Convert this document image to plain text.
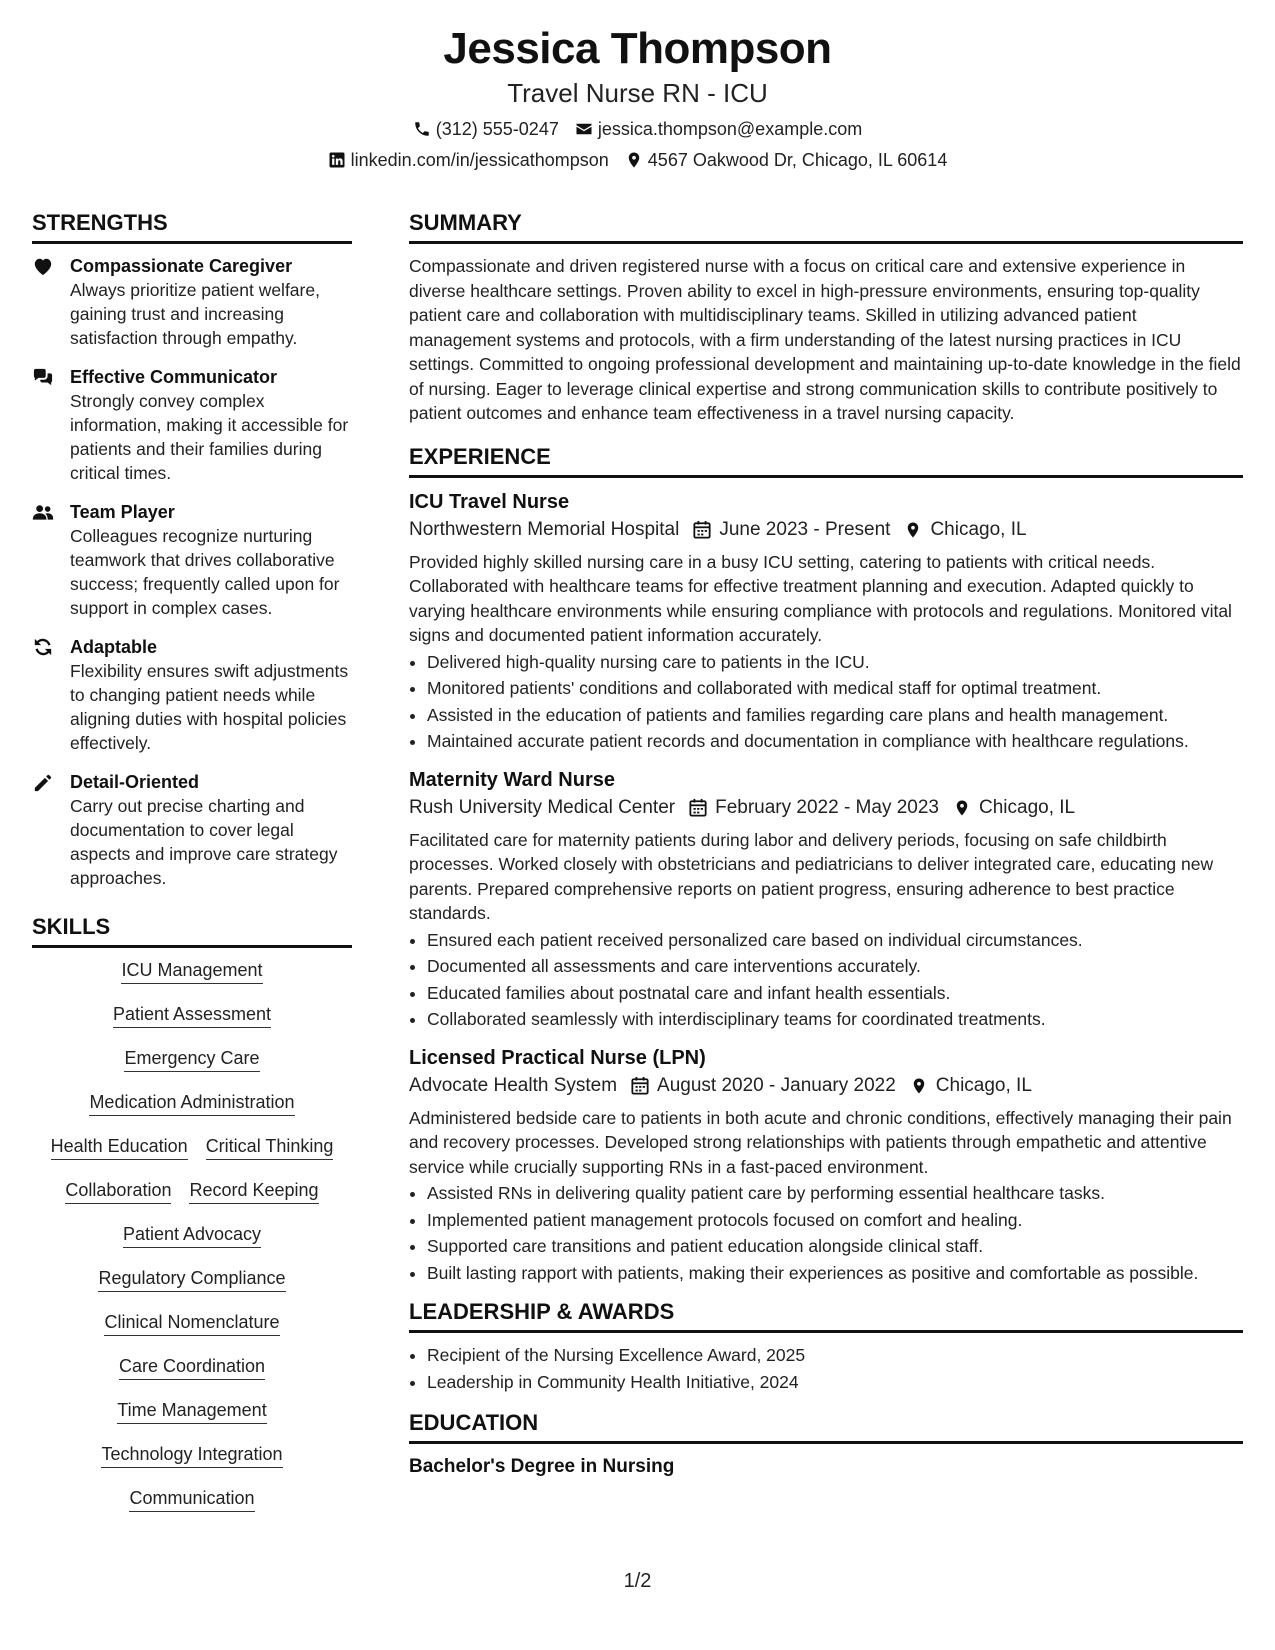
Jessica Thompson
Travel Nurse RN - ICU
(312) 555-0247 jessica.thompson@example.com
linkedin.com/in/jessicathompson 4567 Oakwood Dr, Chicago, IL 60614
STRENGTHS
Compassionate Caregiver
Always prioritize patient welfare, gaining trust and increasing satisfaction through empathy.
Effective Communicator
Strongly convey complex information, making it accessible for patients and their families during critical times.
Team Player
Colleagues recognize nurturing teamwork that drives collaborative success; frequently called upon for support in complex cases.
Adaptable
Flexibility ensures swift adjustments to changing patient needs while aligning duties with hospital policies effectively.
Detail-Oriented
Carry out precise charting and documentation to cover legal aspects and improve care strategy approaches.
SKILLS
ICU Management
Patient Assessment
Emergency Care
Medication Administration
Health Education Critical Thinking
Collaboration Record Keeping
Patient Advocacy
Regulatory Compliance
Clinical Nomenclature
Care Coordination
Time Management
Technology Integration
Communication
SUMMARY
Compassionate and driven registered nurse with a focus on critical care and extensive experience in diverse healthcare settings. Proven ability to excel in high-pressure environments, ensuring top-quality patient care and collaboration with multidisciplinary teams. Skilled in utilizing advanced patient management systems and protocols, with a firm understanding of the latest nursing practices in ICU settings. Committed to ongoing professional development and maintaining up-to-date knowledge in the field of nursing. Eager to leverage clinical expertise and strong communication skills to contribute positively to patient outcomes and enhance team effectiveness in a travel nursing capacity.
EXPERIENCE
ICU Travel Nurse
Northwestern Memorial Hospital June 2023 - Present Chicago, IL
Provided highly skilled nursing care in a busy ICU setting, catering to patients with critical needs. Collaborated with healthcare teams for effective treatment planning and execution. Adapted quickly to varying healthcare environments while ensuring compliance with protocols and regulations. Monitored vital signs and documented patient information accurately.
• Delivered high-quality nursing care to patients in the ICU.
• Monitored patients' conditions and collaborated with medical staff for optimal treatment.
• Assisted in the education of patients and families regarding care plans and health management.
• Maintained accurate patient records and documentation in compliance with healthcare regulations.
Maternity Ward Nurse
Rush University Medical Center February 2022 - May 2023 Chicago, IL
Facilitated care for maternity patients during labor and delivery periods, focusing on safe childbirth processes. Worked closely with obstetricians and pediatricians to deliver integrated care, educating new parents. Prepared comprehensive reports on patient progress, ensuring adherence to best practice standards.
• Ensured each patient received personalized care based on individual circumstances.
• Documented all assessments and care interventions accurately.
• Educated families about postnatal care and infant health essentials.
• Collaborated seamlessly with interdisciplinary teams for coordinated treatments.
Licensed Practical Nurse (LPN)
Advocate Health System August 2020 - January 2022 Chicago, IL
Administered bedside care to patients in both acute and chronic conditions, effectively managing their pain and recovery processes. Developed strong relationships with patients through empathetic and attentive service while crucially supporting RNs in a fast-paced environment.
• Assisted RNs in delivering quality patient care by performing essential healthcare tasks.
• Implemented patient management protocols focused on comfort and healing.
• Supported care transitions and patient education alongside clinical staff.
• Built lasting rapport with patients, making their experiences as positive and comfortable as possible.
LEADERSHIP & AWARDS
• Recipient of the Nursing Excellence Award, 2025
• Leadership in Community Health Initiative, 2024
EDUCATION
Bachelor's Degree in Nursing
1/2
